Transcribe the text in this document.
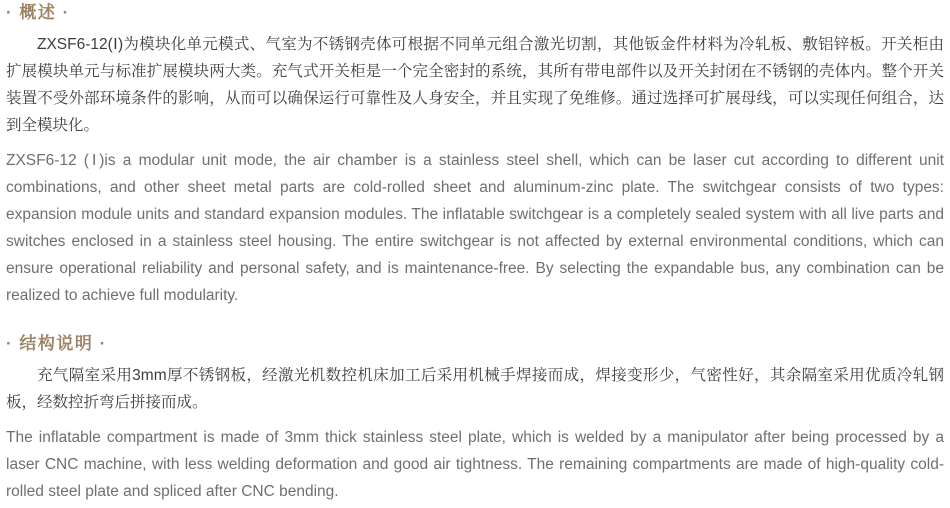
· 概述 ·

ZXSF6-12(Ⅰ)为模块化单元模式、气室为不锈钢壳体可根据不同单元组合激光切割，其他钣金件材料为冷轧板、敷铝锌板。开关柜由扩展模块单元与标准扩展模块两大类。充气式开关柜是一个完全密封的系统，其所有带电部件以及开关封闭在不锈钢的壳体内。整个开关装置不受外部环境条件的影响，从而可以确保运行可靠性及人身安全，并且实现了免维修。通过选择可扩展母线，可以实现任何组合，达到全模块化。

ZXSF6-12 (Ⅰ)is a modular unit mode, the air chamber is a stainless steel shell, which can be laser cut according to different unit combinations, and other sheet metal parts are cold-rolled sheet and aluminum-zinc plate. The switchgear consists of two types: expansion module units and standard expansion modules. The inflatable switchgear is a completely sealed system with all live parts and switches enclosed in a stainless steel housing. The entire switchgear is not affected by external environmental conditions, which can ensure operational reliability and personal safety, and is maintenance-free. By selecting the expandable bus, any combination can be realized to achieve full modularity.

· 结构说明 ·

充气隔室采用3mm厚不锈钢板，经激光机数控机床加工后采用机械手焊接而成，焊接变形少，气密性好，其余隔室采用优质冷轧钢板，经数控折弯后拼接而成。

The inflatable compartment is made of 3mm thick stainless steel plate, which is welded by a manipulator after being processed by a laser CNC machine, with less welding deformation and good air tightness. The remaining compartments are made of high-quality cold-rolled steel plate and spliced after CNC bending.
